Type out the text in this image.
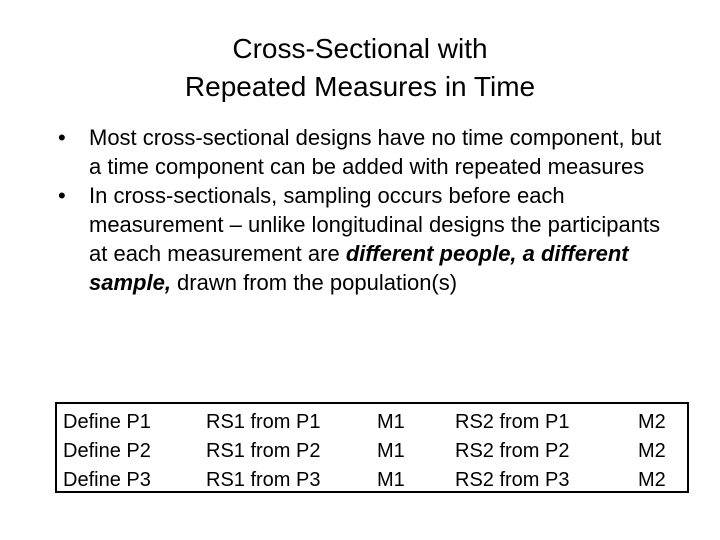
Cross-Sectional with
Repeated Measures in Time
• Most cross-sectional designs have no time component, but a time component can be added with repeated measures
• In cross-sectionals, sampling occurs before each measurement – unlike longitudinal designs the participants at each measurement are different people, a different sample, drawn from the population(s)
Define P1
Define P2
Define P3
RS1 from P1
RS1 from P2
RS1 from P3
M1
M1
M1
RS2 from P1
RS2 from P2
RS2 from P3
M2
M2
M2
